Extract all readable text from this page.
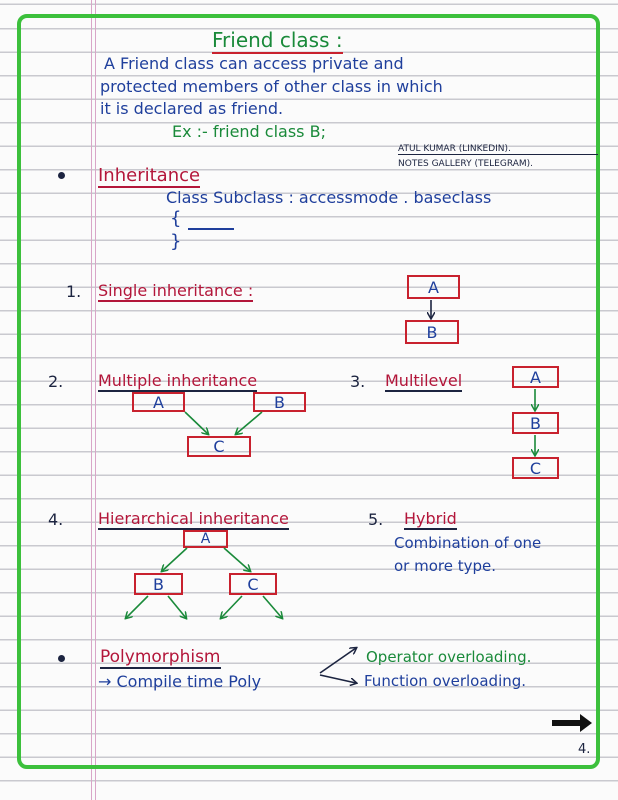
Friend class :
A Friend class can access private and
protected members of other class in which
it is declared as friend.
Ex :- friend class B;
ATUL KUMAR (LINKEDIN).
NOTES GALLERY (TELEGRAM).
Inheritance
Class Subclass : accessmode . baseclass
{
}
1. Single inheritance :	A
B
2. Multiple inheritance
A	B
C
3. Multilevel	A
B
C
4. Hierarchical inheritance
A
B	C
5. Hybrid
Combination of one
or more type.
Polymorphism
→ Compile time Poly
Operator overloading.
Function overloading.
4.
